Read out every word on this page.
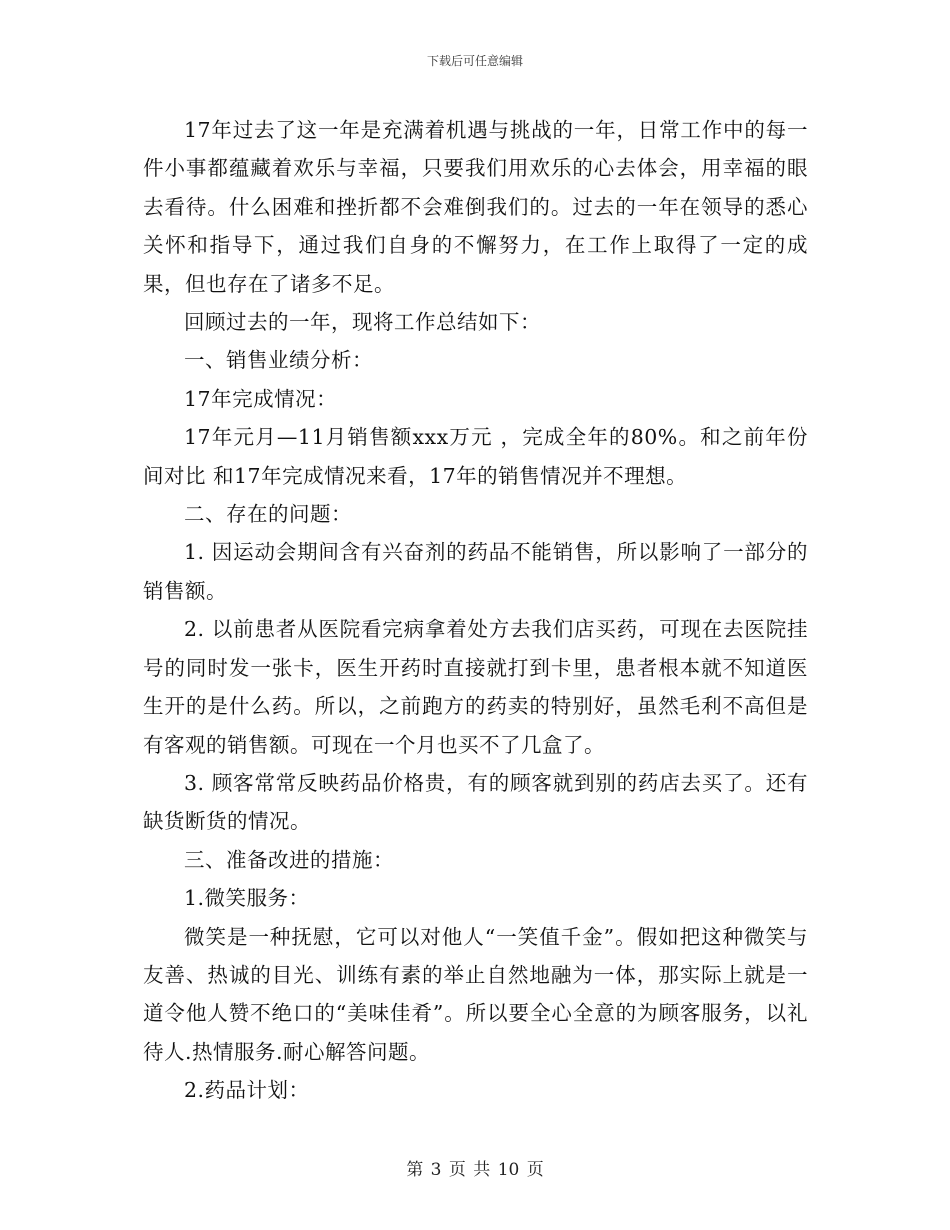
下载后可任意编辑

17年过去了这一年是充满着机遇与挑战的一年，日常工作中的每一件小事都蕴藏着欢乐与幸福，只要我们用欢乐的心去体会，用幸福的眼去看待。什么困难和挫折都不会难倒我们的。过去的一年在领导的悉心关怀和指导下，通过我们自身的不懈努力，在工作上取得了一定的成果，但也存在了诸多不足。

回顾过去的一年，现将工作总结如下：

一、销售业绩分析：

17年完成情况：

17年元月—11月销售额xxx万元 ，完成全年的80%。和之前年份间对比 和17年完成情况来看，17年的销售情况并不理想。

二、存在的问题：

1. 因运动会期间含有兴奋剂的药品不能销售，所以影响了一部分的销售额。

2. 以前患者从医院看完病拿着处方去我们店买药，可现在去医院挂号的同时发一张卡，医生开药时直接就打到卡里，患者根本就不知道医生开的是什么药。所以，之前跑方的药卖的特别好，虽然毛利不高但是有客观的销售额。可现在一个月也买不了几盒了。

3. 顾客常常反映药品价格贵，有的顾客就到别的药店去买了。还有缺货断货的情况。

三、准备改进的措施：

1.微笑服务：

微笑是一种抚慰，它可以对他人“一笑值千金”。假如把这种微笑与友善、热诚的目光、训练有素的举止自然地融为一体，那实际上就是一道令他人赞不绝口的“美味佳肴”。所以要全心全意的为顾客服务，以礼待人.热情服务.耐心解答问题。

2.药品计划：

第 3 页 共 10 页
